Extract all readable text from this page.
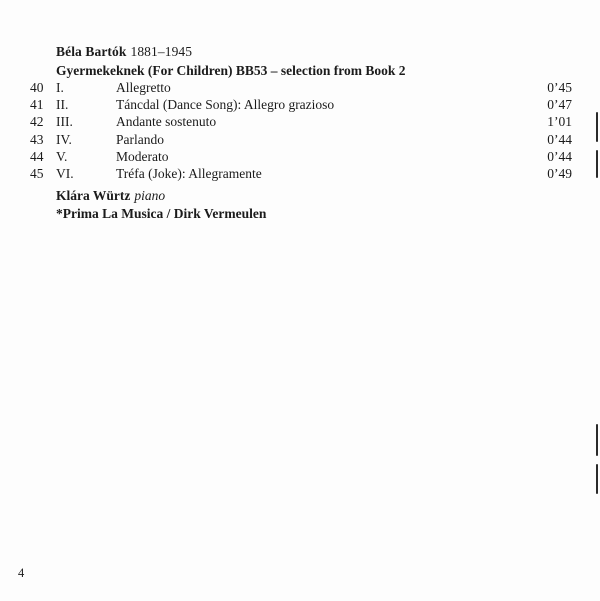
Béla Bartók 1881–1945
Gyermekeknek (For Children) BB53 – selection from Book 2
40 I.	Allegretto	0’45
41 II.	Táncdal (Dance Song): Allegro grazioso	0’47
42 III.	Andante sostenuto	1’01
43 IV.	Parlando	0’44
44 V.	Moderato	0’44
45 VI.	Tréfa (Joke): Allegramente	0’49
Klára Würtz piano
*Prima La Musica / Dirk Vermeulen
4
